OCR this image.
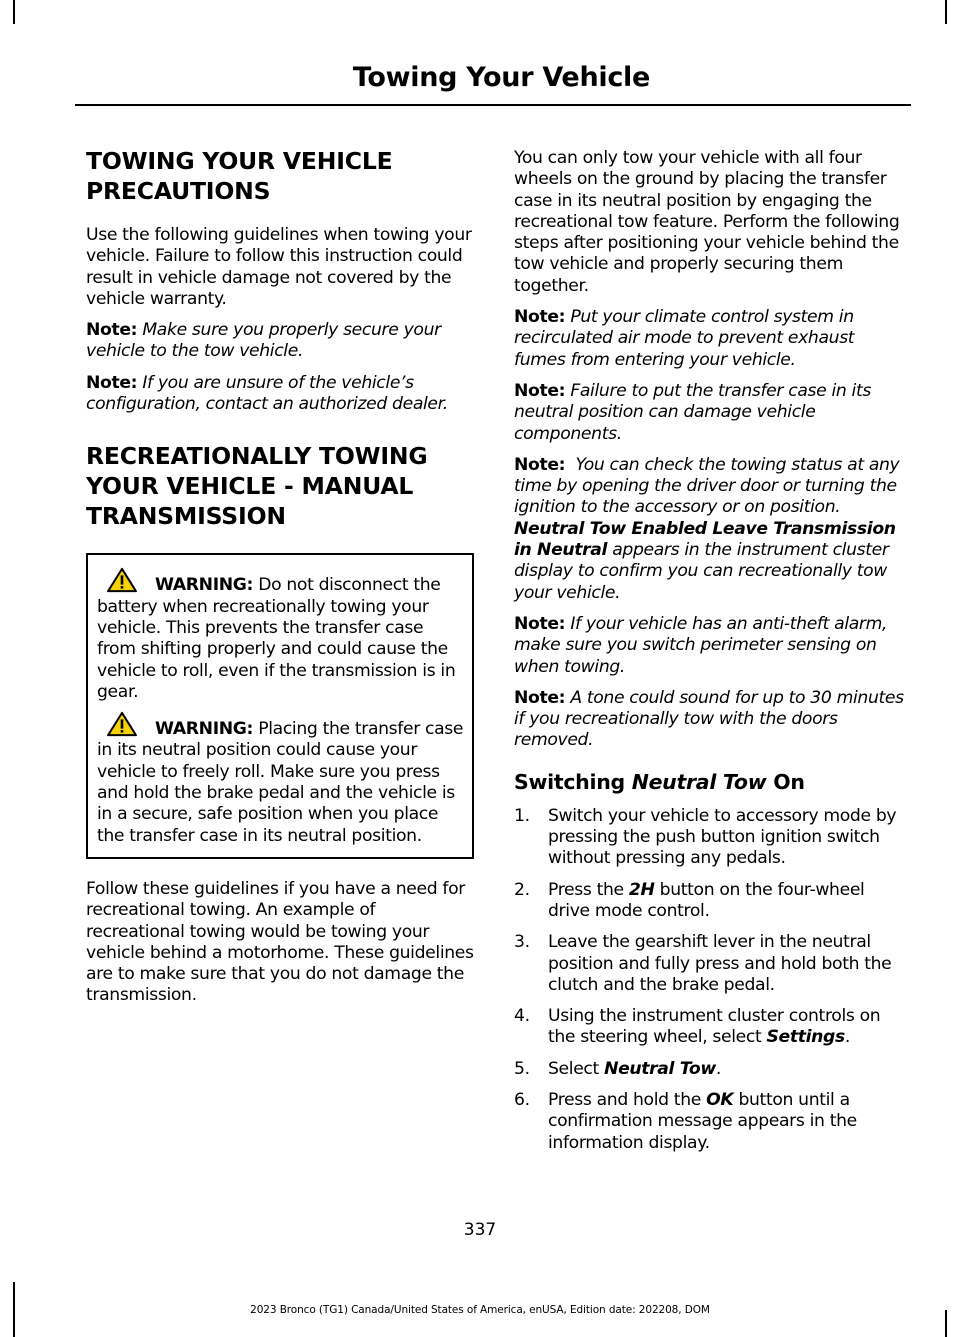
Towing Your Vehicle
TOWING YOUR VEHICLE
PRECAUTIONS

Use the following guidelines when towing your vehicle. Failure to follow this instruction could result in vehicle damage not covered by the vehicle warranty.

Note: Make sure you properly secure your vehicle to the tow vehicle.

Note: If you are unsure of the vehicle’s configuration, contact an authorized dealer.

RECREATIONALLY TOWING
YOUR VEHICLE - MANUAL
TRANSMISSION

WARNING: Do not disconnect the battery when recreationally towing your vehicle. This prevents the transfer case from shifting properly and could cause the vehicle to roll, even if the transmission is in gear.

WARNING: Placing the transfer case in its neutral position could cause your vehicle to freely roll. Make sure you press and hold the brake pedal and the vehicle is in a secure, safe position when you place the transfer case in its neutral position.

Follow these guidelines if you have a need for recreational towing. An example of recreational towing would be towing your vehicle behind a motorhome. These guidelines are to make sure that you do not damage the transmission.

You can only tow your vehicle with all four wheels on the ground by placing the transfer case in its neutral position by engaging the recreational tow feature. Perform the following steps after positioning your vehicle behind the tow vehicle and properly securing them together.

Note: Put your climate control system in recirculated air mode to prevent exhaust fumes from entering your vehicle.

Note: Failure to put the transfer case in its neutral position can damage vehicle components.

Note: You can check the towing status at any time by opening the driver door or turning the ignition to the accessory or on position.  Neutral Tow Enabled Leave Transmission in Neutral appears in the instrument cluster display to confirm you can recreationally tow your vehicle.

Note: If your vehicle has an anti-theft alarm, make sure you switch perimeter sensing on when towing.

Note: A tone could sound for up to 30 minutes if you recreationally tow with the doors removed.

Switching Neutral Tow On
1. Switch your vehicle to accessory mode by pressing the push button ignition switch without pressing any pedals.
2. Press the 2H button on the four-wheel drive mode control.
3. Leave the gearshift lever in the neutral position and fully press and hold both the clutch and the brake pedal.
4. Using the instrument cluster controls on the steering wheel, select Settings.
5. Select Neutral Tow.
6. Press and hold the OK button until a confirmation message appears in the information display.
337
2023 Bronco (TG1) Canada/United States of America, enUSA, Edition date: 202208, DOM
